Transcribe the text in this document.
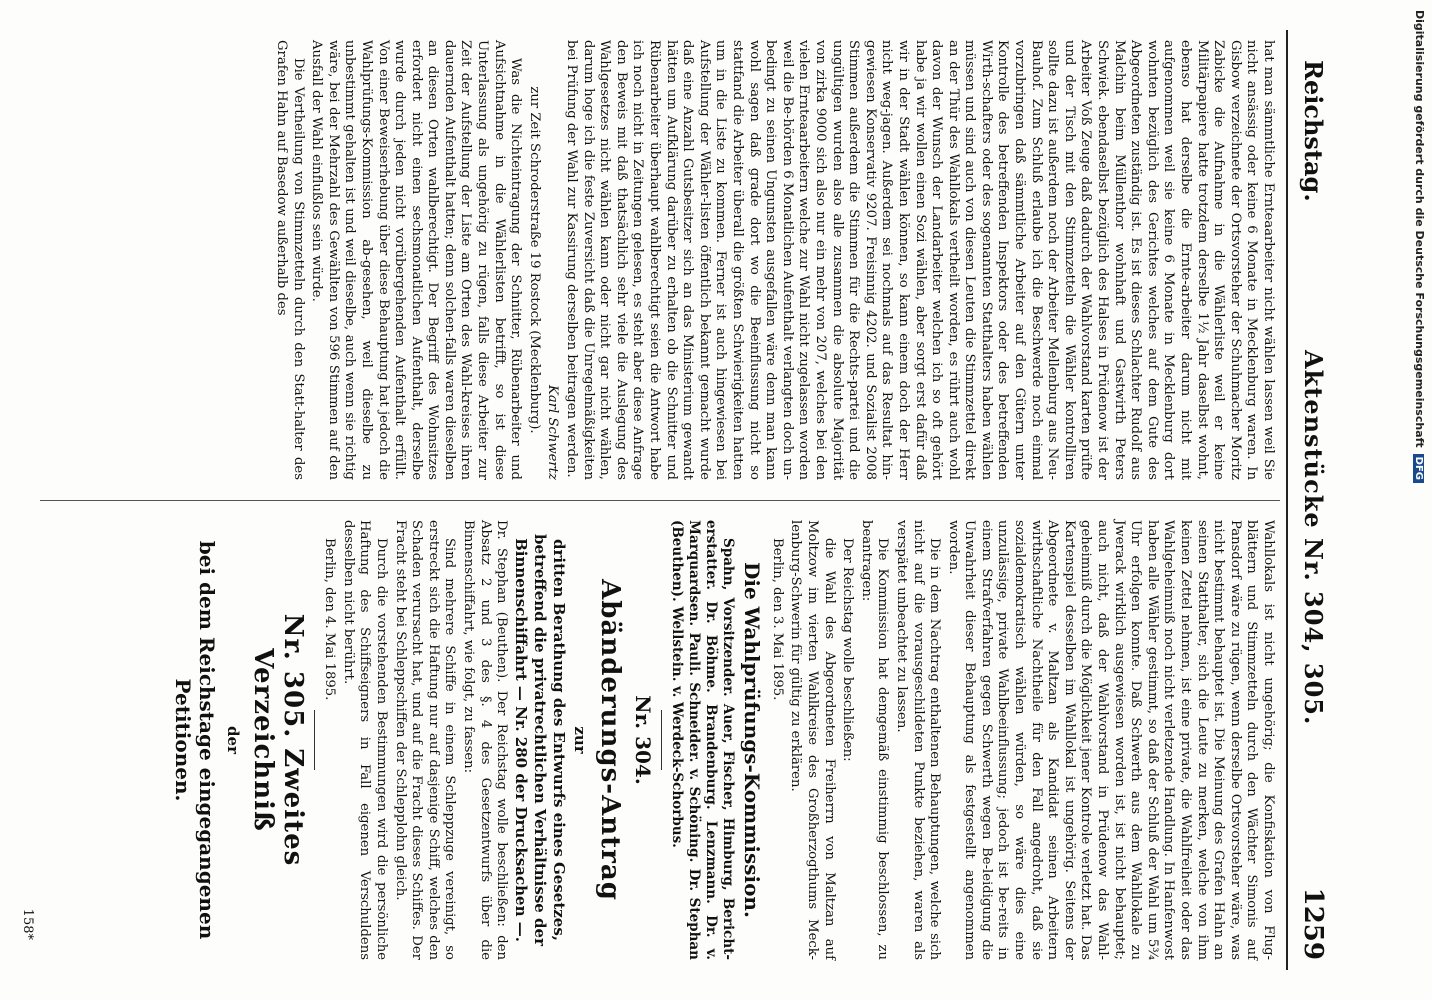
Reichstag.
Aktenstücke Nr. 304, 305.
1259

hat man sämmtliche Ernteaarbeiter nicht wählen lassen weil Sie nicht ansässig oder keine 6 Monate in Mecklenburg waren. In Gisbow verzeichnete der Ortsvorsteher der Schuhmacher Moritz Zabicke die Aufnahme in die Wählerliste weil er keine Militärpapiere hatte trotzdem derselbe 1½ Jahr daselbst wohnt, ebenso hat derselbe die Ernte-arbeiter darum nicht mit aufgenommen weil sie keine 6 Monate in Mecklenburg dort wohnten bezüglich des Gerichtes welches auf dem Gute des Abgeordneten zuständig ist. Es ist dieses Schlachter Rudolf aus Malchin beim Müllenthor wohnhaft und Gastwirth Peters Schwiek. ebendaselbst bezüglich des Halses in Prüdenow ist der Arbeiter Voß Zeuge daß dadurch der Wahlvorstand karten prüfte und der Tisch mit den Stimmzetteln die Wähler kontrolliren sollte dazu ist außerdem noch der Arbeiter Mellenburg aus Neu-Bauhof. Zum Schluß erlaube ich die Beschwerde noch einmal vorzubringen daß sämmtliche Arbeiter auf den Gütern unter Kontrolle des betreffenden Inspektors oder des betreffenden Wirth-schafters oder des sogenannten Statthalters haben wählen müssen und sind auch von diesen Leuten die Stimmzettel direkt an der Thür des Wahllokals vertheilt worden, es rührt auch wohl davon der Wunsch der Landarbeiter welchen ich so oft gehört habe ja wir wollen einen Sozi wählen, aber sorgt erst dafür daß wir in der Stadt wählen können, so kann einem doch der Herr nicht weg-jagen. Außerdem sei nochmals auf das Resultat hin-gewiesen Konservativ 9207. Freisinnig 4202. und Sozialist 2008 Stimmen außerdem die Stimmen für die Rechts-partei und die ungültigen wurden also alle zusammen die absolute Majorität von zirka 9000 sich also nur ein mehr von 207, welches bei den vielen Ernteaarbeitern welche zur Wahl nicht zugelassen worden weil die Be-hörden 6 Monatlichen Aufenthalt verlangten doch un-bedingt zu seinen Ungunsten ausgefallen wäre denn man kann wohl sagen daß grade dort wo die Beeinflussung nicht so stattfand die Arbeiter überall die größten Schwierigkeiten hatten um in die Liste zu kommen. Ferner ist auch hingewiesen bei Aufstellung der Wähler-listen öffentlich bekannt gemacht wurde daß eine Anzahl Gutsbesitzer sich an das Ministerium gewandt hätten um Aufklärung darüber zu erhalten ob die Schnitter und Rübenarbeiter überhaupt wahlberechtigt seien die Antwort habe ich noch nicht in Zeitungen gelesen, es steht aber diese Anfrage den Beweis mit daß thatsächlich sehr viele die Auslegung des Wahlgesetzes nicht wählen kann oder nicht gar nicht wählen, darum hoge ich die feste Zuversicht daß die Unregelmäßigkeiten bei Prüfung der Wahl zur Kassirung derselben beitragen werden.

Karl Schwertz

zur Zeit Schroderstraße 19 Rostock (Mecklenburg).

Was die Nichteintragung der Schnitter, Rübenarbeiter und Aufsichtnahme in die Wählerlisten betrifft, so ist diese Unterlassung als ungehörig zu rügen, falls diese Arbeiter zur Zeit der Aufstellung der Liste am Orten des Wahl-kreises ihren dauernden Aufenthalt hatten; denn solchen-falls waren dieselben an diesen Orten wahlberechtigt. Der Begriff des Wohnsitzes erfordert nicht einen sechsmonatlichen Aufenthalt, derselbe wurde durch jeden nicht vorübergehenden Aufenthalt erfüllt. Von einer Beweiserhebung über diese Behauptung hat jedoch die Wahlprüfungs-Kommission ab-gesehen, weil dieselbe zu unbestimmt gehalten ist und weil dieselbe, auch wenn sie richtig wäre, bei der Mehrzahl des Gewählten von 596 Stimmen auf den Ausfall der Wahl einflußlos sein würde.

Die Vertheilung von Stimmzetteln durch den Statt-halter des Grafen Hahn auf Basedow außerhalb des

Wahllokals ist nicht ungehörig; die Konfiskation von Flug-blättern und Stimmzetteln durch den Wächter Simonis auf Pansdorf wäre zu rügen, wenn derselbe Ortsvorsteher wäre, was nicht bestimmt behauptet ist. Die Meinung des Grafen Hahn an seinen Statthalter, sich die Leute zu merken, welche von ihm keinen Zettel nehmen, ist eine private, die Wahlfreiheit oder das Wahlgeheimniß noch nicht verletzende Handlung. In Hanfenwost haben alle Wähler gestimmt, so daß der Schluß der Wahl um 5¾ Uhr erfolgen konnte. Daß Schwerth aus dem Wahllokale zu Jwerack wirklich ausgewiesen worden ist, ist nicht behauptet; auch nicht, daß der Wahlvorstand in Prüdenow das Wahl-geheimniß durch die Möglichkeit jener Kontrole verletzt hat. Das Kartenspiel desselben im Wahllokal ist ungehörig. Seitens der Abgeordnete v. Maltzan als Kandidat seinen Arbeitern wirthschaftliche Nachtheile für den Fall angedroht, daß sie sozialdemokratisch wählen würden, so wäre dies eine unzulässige, private Wahlbeeinflussung; jedoch ist be-reits in einem Strafverfahren gegen Schwerth wegen Be-leidigung die Unwahrheit dieser Behauptung als festgestellt angenommen worden.

Die in dem Nachtrag enthaltenen Behauptungen, welche sich nicht auf die vorausgeschildeten Punkte beziehen, waren als verspätet unbeachtet zu lassen.

Die Kommission hat demgemäß einstimmig beschlossen, zu beantragen:

Der Reichstag wolle beschließen:

die Wahl des Abgeordneten Freiherrn von Maltzan auf Moltzow im vierten Wahlkreise des Großherzogthums Meck-lenburg-Schwerin für gültig zu erklären.

Berlin, den 3. Mai 1895.

Die Wahlprüfungs-Kommission.

Spahn, Vorsitzender. Auer, Fischer, Himburg, Bericht-erstatter. Dr. Böhme. Brandenburg. Lenzmann. Dr. v. Marquardsen. Pauli. Schneider. v. Schöning. Dr. Stephan (Beuthen). Wellstein. v. Werdeck-Schorbus.

Nr. 304.
Abänderungs-Antrag
zur
dritten Berathung des Entwurfs eines Gesetzes, betreffend die privatrechtlichen Verhältnisse der Binnenschiffahrt — Nr. 280 der Drucksachen —.

Dr. Stephan (Beuthen). Der Reichstag wolle beschließen: den Absatz 2 und 3 des §. 4 des Gesetzentwurfs über die Binnenschiffahrt, wie folgt, zu fassen:

Sind mehrere Schiffe in einem Schleppzuge vereinigt, so erstreckt sich die Haftung nur auf dasjenige Schiff, welches den Schaden verursacht hat, und auf die Fracht dieses Schiffes. Der Fracht steht bei Schleppschiffen der Schlepplohn gleich.

Durch die vorstehenden Bestimmungen wird die persönliche Haftung des Schiffseigners in Fall eigenen Verschuldens desselben nicht berührt.

Berlin, den 4. Mai 1895.

Nr. 305. Zweites Verzeichniß
der
bei dem Reichstage eingegangenen Petitionen.
158*
Digitalisierung gefördert durch die Deutsche ForschungsgemeinschaftDFG
